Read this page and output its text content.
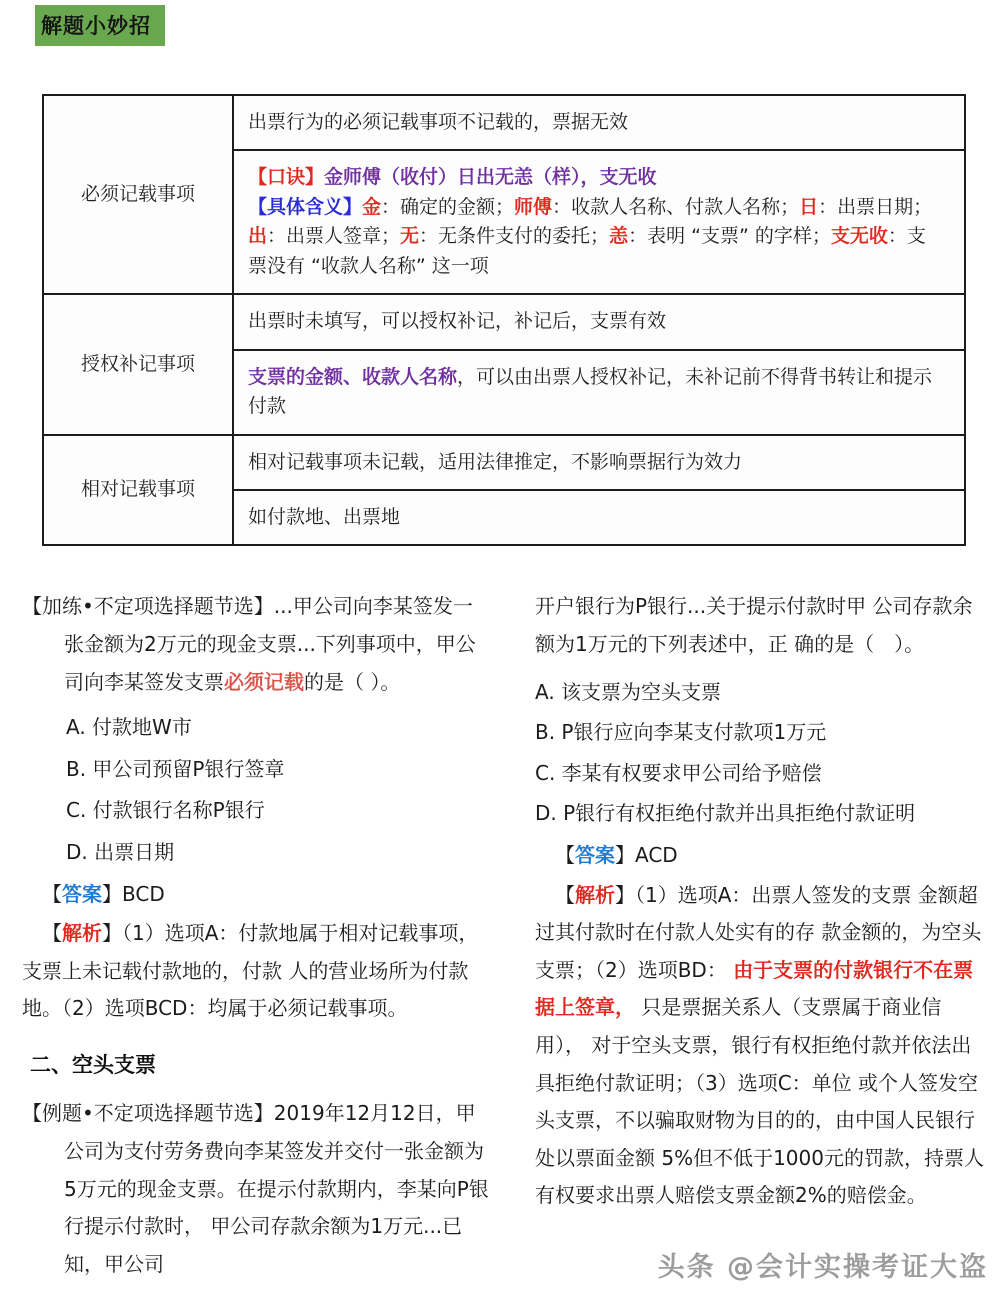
解题小妙招
必须记载事项	出票行为的必须记载事项不记载的，票据无效

	【口诀】金师傅（收付）日出无恙（样），支无收

【具体含义】金：确定的金额；师傅：收款人名称、付款人名称；日：出票日期；出：出票人签章；无：无条件支付的委托；恙：表明 “支票” 的字样；支无收：支 票没有 “收款人名称” 这一项

授权补记事项	出票时未填写，可以授权补记，补记后，支票有效
	支票的金额、收款人名称，可以由出票人授权补记，未补记前不得背书转让和提示 付款
相对记载事项	相对记载事项未记载，适用法律推定，不影响票据行为效力
	如付款地、出票地

【加练•不定项选择题节选】...甲公司向李某签发一张金额为2万元的现金支票...下列事项中，甲公司向李某签发支票必须记载的是（ ）。

A. 付款地W市

B. 甲公司预留P银行签章

C. 付款银行名称P银行

D. 出票日期

【答案】BCD

【解析】（1）选项A：付款地属于相对记载事项，支票上未记载付款地的，付款 人的营业场所为付款地。（2）选项BCD：均属于必须记载事项。

二、空头支票

【例题•不定项选择题节选】2019年12月12日，甲公司为支付劳务费向李某签发并交付一张金额为5万元的现金支票。在提示付款期内，李某向P银行提示付款时， 甲公司存款余额为1万元...已知，甲公司

开户银行为P银行...关于提示付款时甲 公司存款余额为1万元的下列表述中，正 确的是（　）。

A. 该支票为空头支票

B. P银行应向李某支付款项1万元

C. 李某有权要求甲公司给予赔偿

D. P银行有权拒绝付款并出具拒绝付款证明

【答案】ACD

【解析】（1）选项A：出票人签发的支票 金额超过其付款时在付款人处实有的存 款金额的，为空头支票；（2）选项BD： 由于支票的付款银行不在票据上签章， 只是票据关系人（支票属于商业信用）， 对于空头支票，银行有权拒绝付款并依法出具拒绝付款证明；（3）选项C：单位 或个人签发空头支票，不以骗取财物为目的的，由中国人民银行处以票面金额 5%但不低于1000元的罚款，持票人有权要求出票人赔偿支票金额2%的赔偿金。

头条 @会计实操考证大盗
